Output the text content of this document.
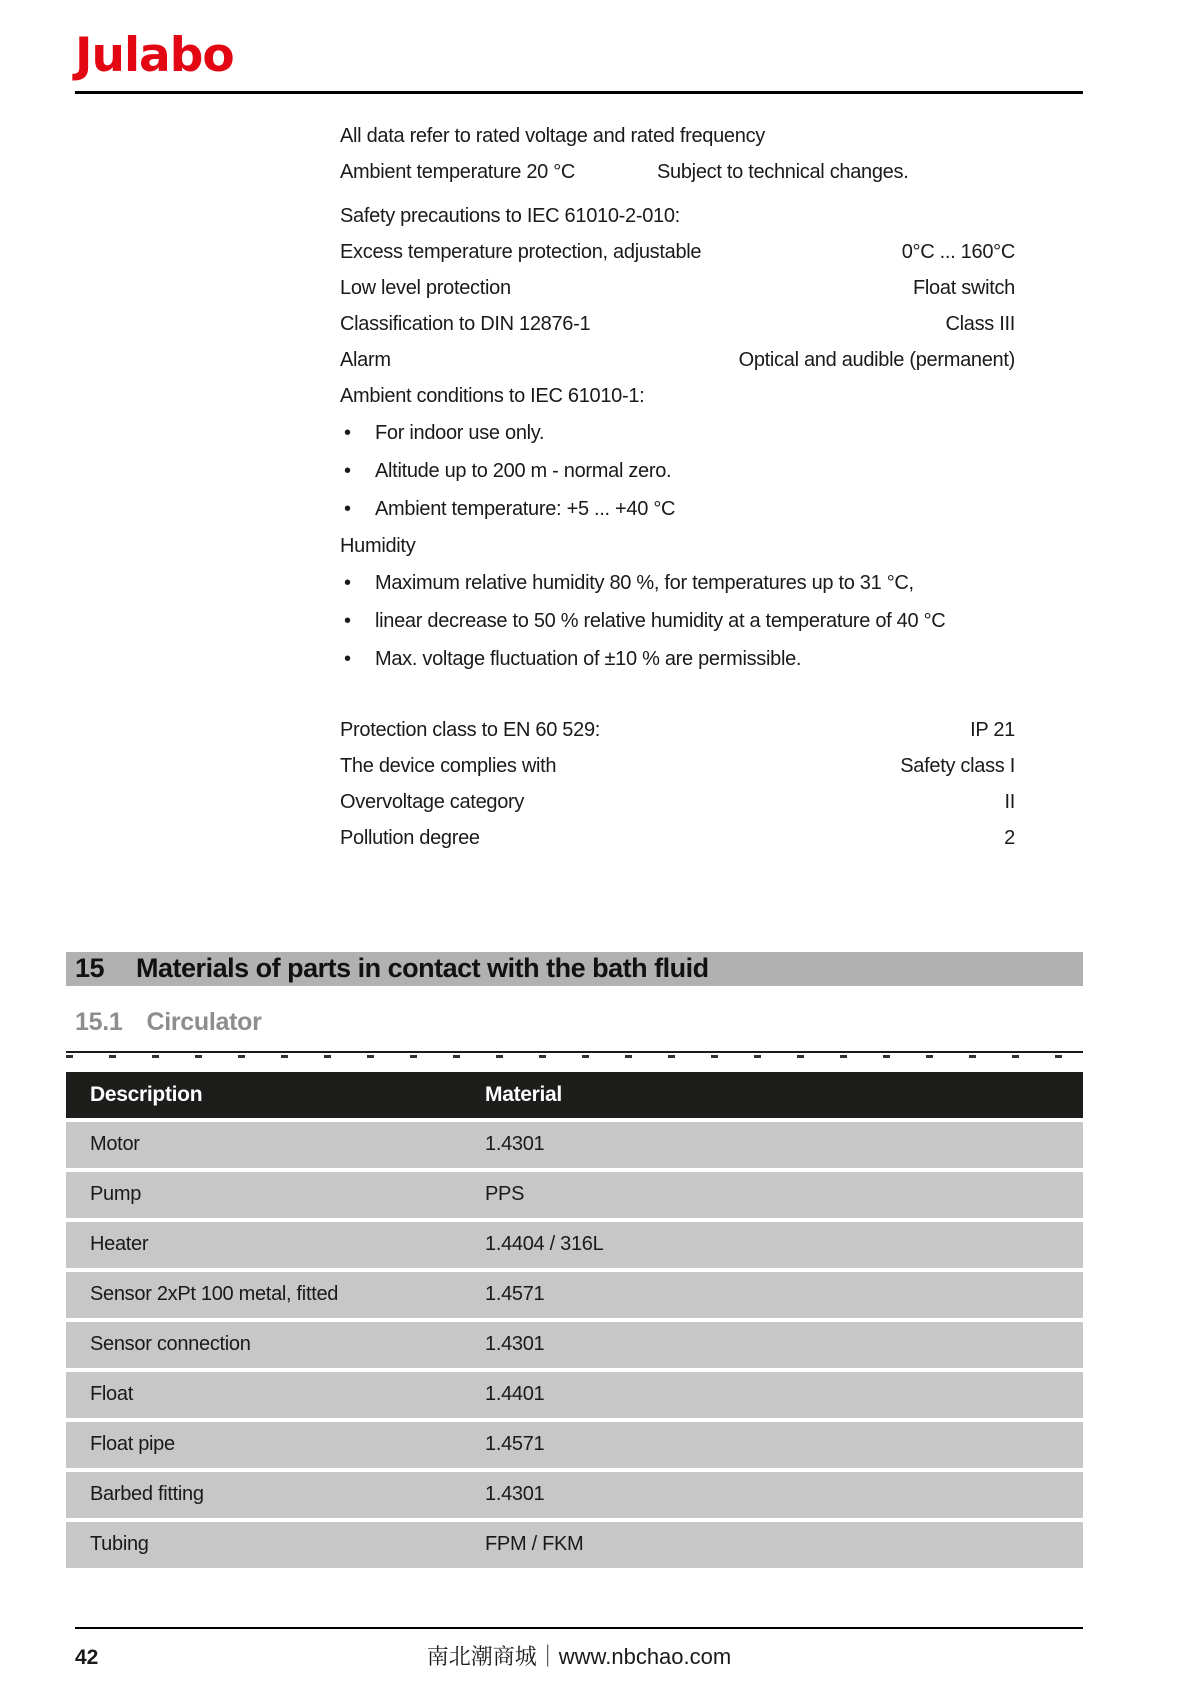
Julabo
All data refer to rated voltage and rated frequency
Ambient temperature 20 °C	Subject to technical changes.
Safety precautions to IEC 61010-2-010:
Excess temperature protection, adjustable	0°C ... 160°C
Low level protection	Float switch
Classification to DIN 12876-1	Class III
Alarm	Optical and audible (permanent)
Ambient conditions to IEC 61010-1:
•	For indoor use only.
•	Altitude up to 200 m - normal zero.
•	Ambient temperature: +5 ... +40 °C
Humidity
•	Maximum relative humidity 80 %, for temperatures up to 31 °C,
•	linear decrease to 50 % relative humidity at a temperature of 40 °C
•	Max. voltage fluctuation of ±10 % are permissible.
Protection class to EN 60 529:	IP 21
The device complies with	Safety class I
Overvoltage category	II
Pollution degree	2
15 Materials of parts in contact with the bath fluid
15.1 Circulator
Description	Material
Motor	1.4301
Pump	PPS
Heater	1.4404 / 316L
Sensor 2xPt 100 metal, fitted	1.4571
Sensor connection	1.4301
Float	1.4401
Float pipe	1.4571
Barbed fitting	1.4301
Tubing	FPM / FKM
42	南北潮商城｜www.nbchao.com
